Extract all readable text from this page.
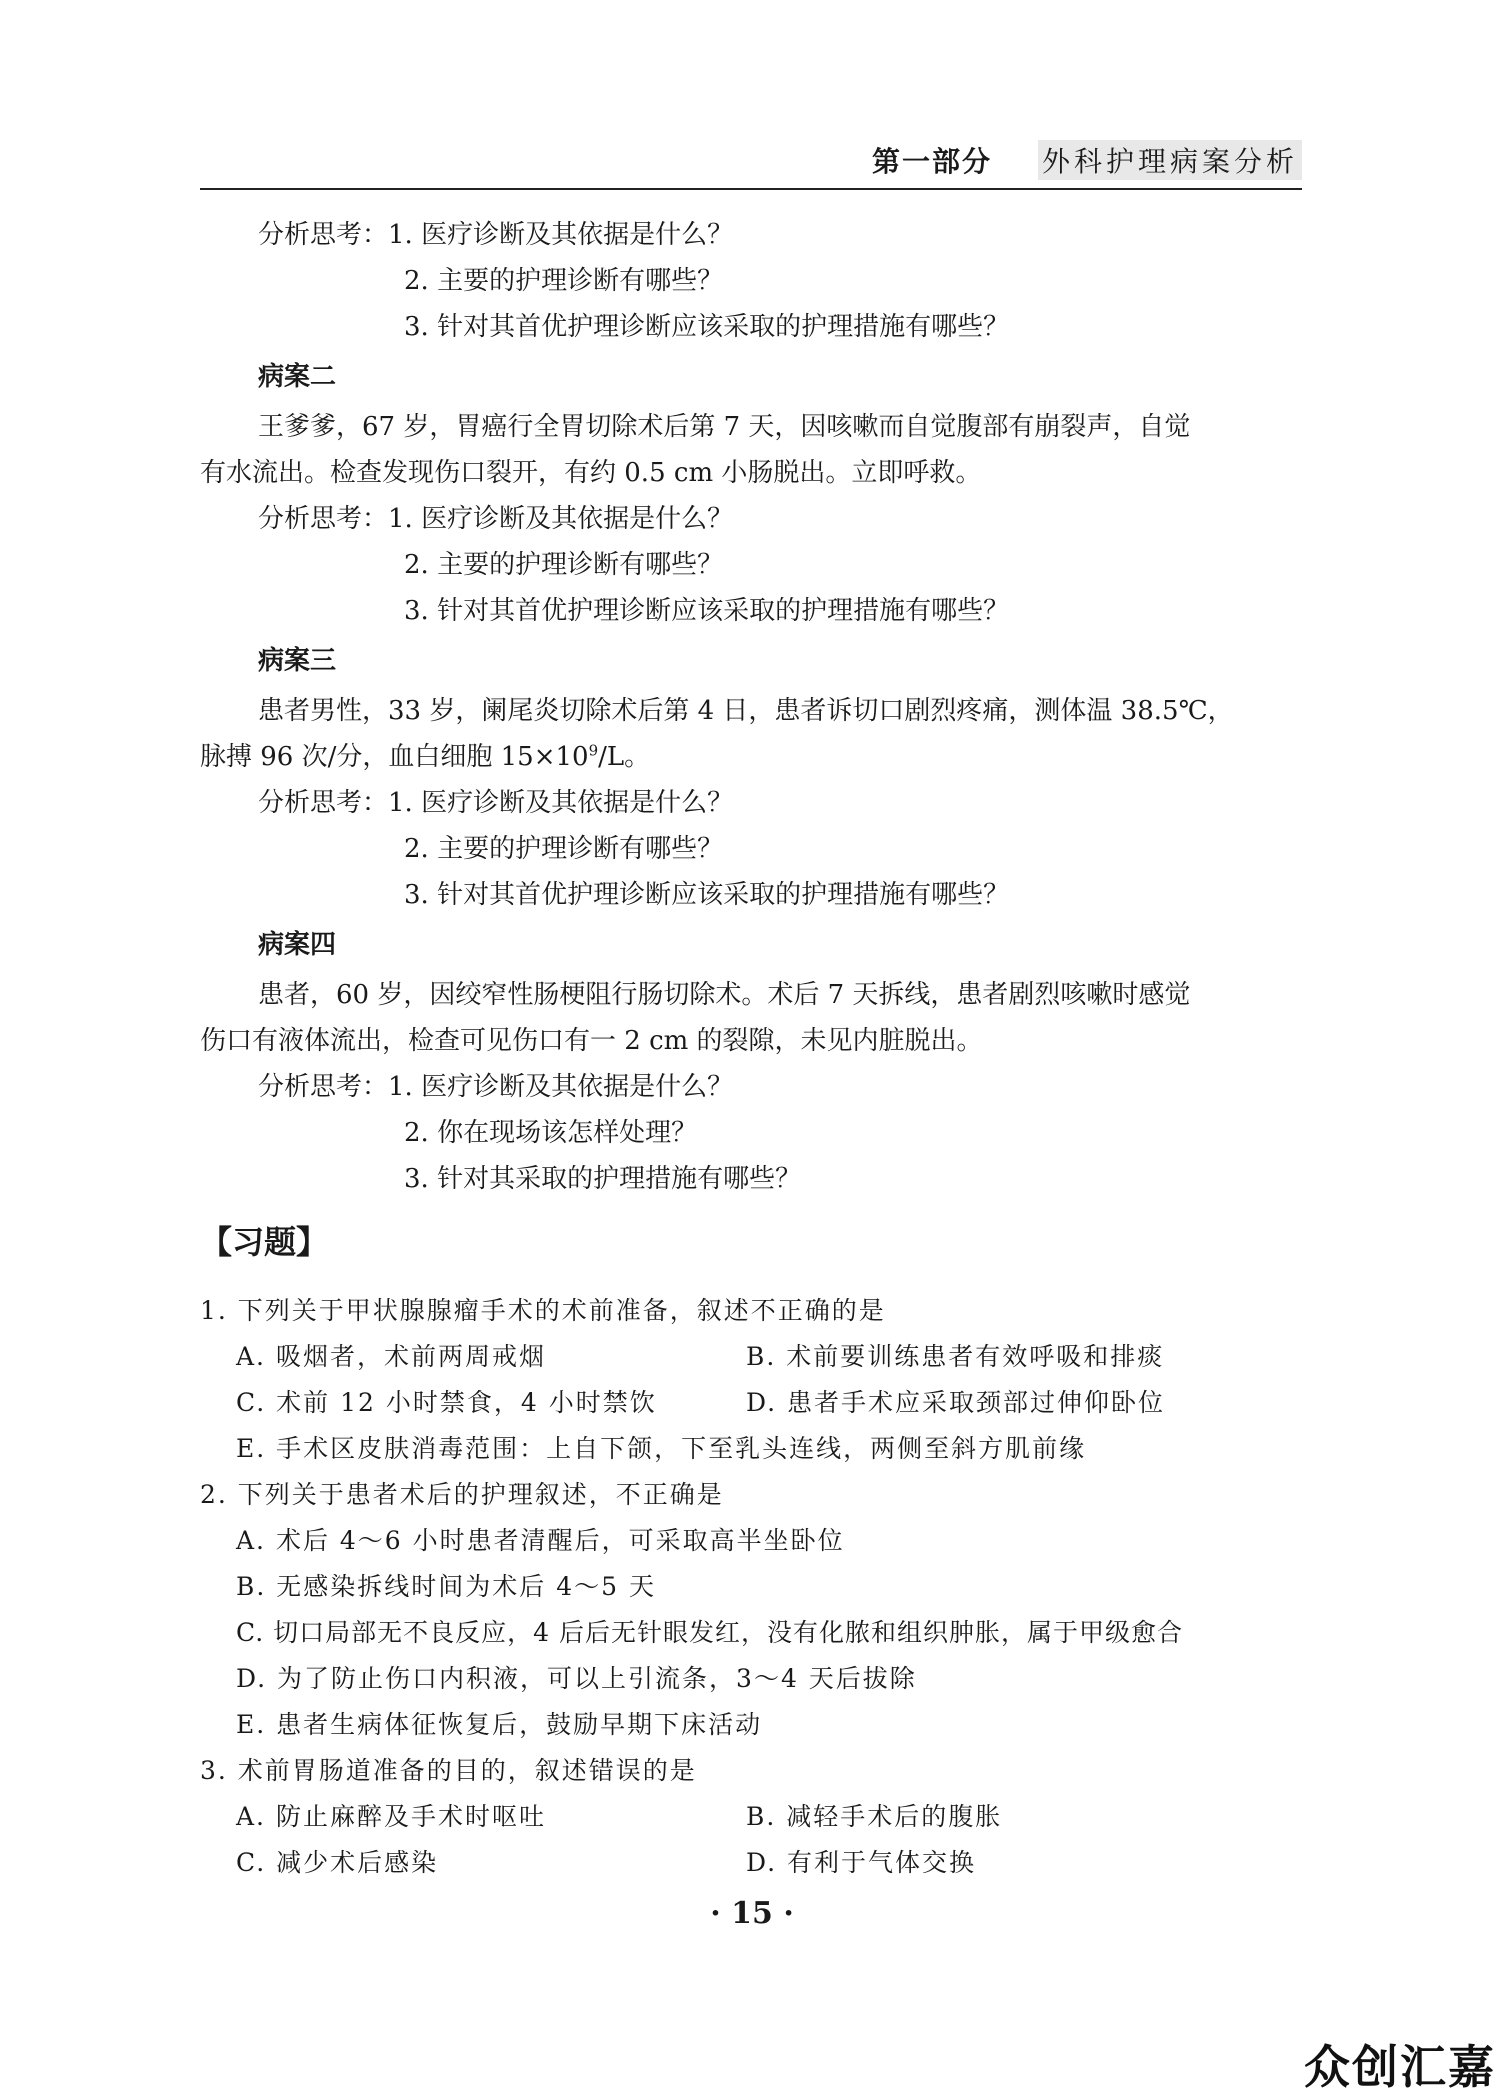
第一部分 外科护理病案分析
分析思考：1. 医疗诊断及其依据是什么？
2. 主要的护理诊断有哪些？
3. 针对其首优护理诊断应该采取的护理措施有哪些？
病案二
王爹爹，67 岁，胃癌行全胃切除术后第 7 天，因咳嗽而自觉腹部有崩裂声，自觉
有水流出。检查发现伤口裂开，有约 0.5 cm 小肠脱出。立即呼救。
分析思考：1. 医疗诊断及其依据是什么？
2. 主要的护理诊断有哪些？
3. 针对其首优护理诊断应该采取的护理措施有哪些？
病案三
患者男性，33 岁，阑尾炎切除术后第 4 日，患者诉切口剧烈疼痛，测体温 38.5℃，
脉搏 96 次/分，血白细胞 $15\times 10^9/L$。
分析思考：1. 医疗诊断及其依据是什么？
2. 主要的护理诊断有哪些？
3. 针对其首优护理诊断应该采取的护理措施有哪些？
病案四
患者，60 岁，因绞窄性肠梗阻行肠切除术。术后 7 天拆线，患者剧烈咳嗽时感觉
伤口有液体流出，检查可见伤口有一 2 cm 的裂隙，未见内脏脱出。
分析思考：1. 医疗诊断及其依据是什么？
2. 你在现场该怎样处理？
3. 针对其采取的护理措施有哪些？
【习题】
1. 下列关于甲状腺腺瘤手术的术前准备，叙述不正确的是
A. 吸烟者，术前两周戒烟	B. 术前要训练患者有效呼吸和排痰
C. 术前 12 小时禁食，4 小时禁饮	D. 患者手术应采取颈部过伸仰卧位
E. 手术区皮肤消毒范围：上自下颌，下至乳头连线，两侧至斜方肌前缘
2. 下列关于患者术后的护理叙述，不正确是
A. 术后 4～6 小时患者清醒后，可采取高半坐卧位
B. 无感染拆线时间为术后 4～5 天
C. 切口局部无不良反应，4 后后无针眼发红，没有化脓和组织肿胀，属于甲级愈合
D. 为了防止伤口内积液，可以上引流条，3～4 天后拔除
E. 患者生病体征恢复后，鼓励早期下床活动
3. 术前胃肠道准备的目的，叙述错误的是
A. 防止麻醉及手术时呕吐	B. 减轻手术后的腹胀
C. 减少术后感染	D. 有利于气体交换
· 15 ·
众创汇嘉
